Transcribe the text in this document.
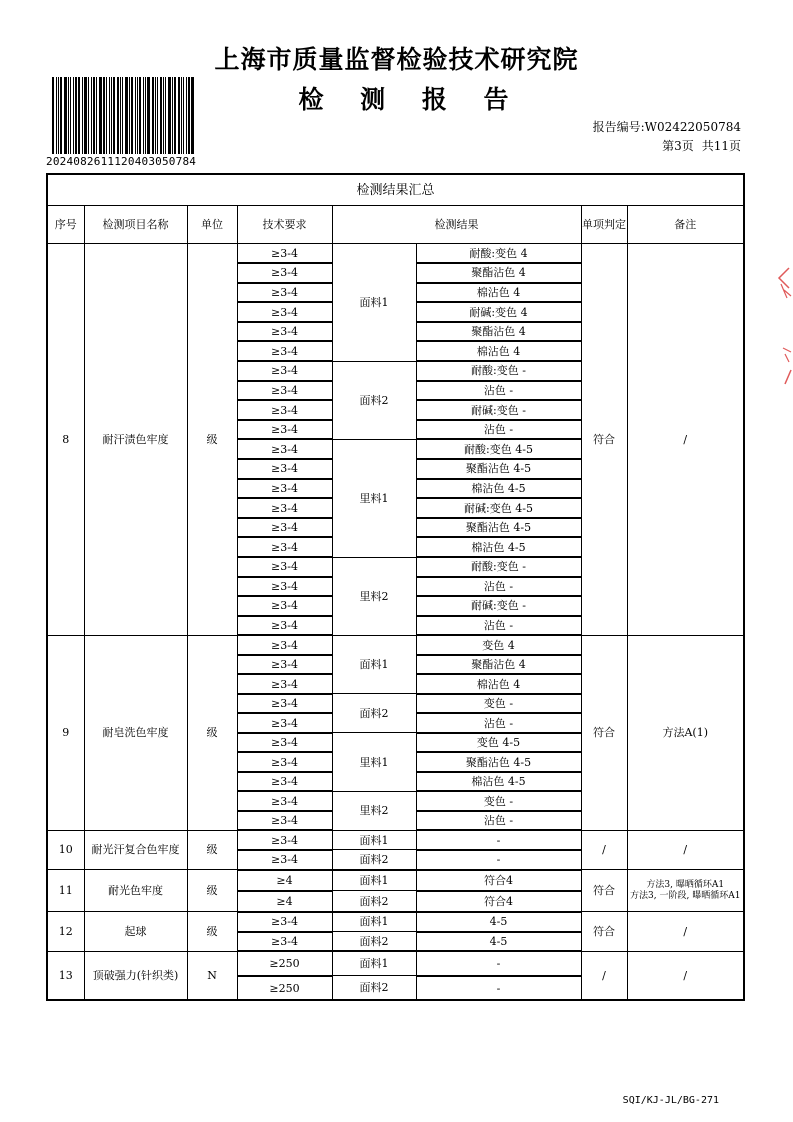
上海市质量监督检验技术研究院
检 测 报 告
202408261112040305078​4
报告编号:W02422050784
第3页 共11页
检测结果汇总							
序号	检测项目名称	单位	技术要求	检测结果		单项判定	备注
8	耐汗渍色牢度	级	≥3-4	面料1	耐酸:变色 4	符合	/

			≥3-4		聚酯沾色 4		
			≥3-4		棉沾色 4		
			≥3-4		耐碱:变色 4		
			≥3-4		聚酯沾色 4		
			≥3-4		棉沾色 4		
			≥3-4	面料2	耐酸:变色 -		
			≥3-4		沾色 -		
			≥3-4		耐碱:变色 -		
			≥3-4		沾色 -		
			≥3-4	里料1	耐酸:变色 4-5		
			≥3-4		聚酯沾色 4-5		
			≥3-4		棉沾色 4-5		
			≥3-4		耐碱:变色 4-5		
			≥3-4		聚酯沾色 4-5		
			≥3-4		棉沾色 4-5		
			≥3-4	里料2	耐酸:变色 -		
			≥3-4		沾色 -		
			≥3-4		耐碱:变色 -		
			≥3-4		沾色 -		
9	耐皂洗色牢度	级	≥3-4	面料1	变色 4	符合	方法A(1)

			≥3-4		聚酯沾色 4		
			≥3-4		棉沾色 4		
			≥3-4	面料2	变色 -		
			≥3-4		沾色 -		
			≥3-4	里料1	变色 4-5		
			≥3-4		聚酯沾色 4-5		
			≥3-4		棉沾色 4-5		
			≥3-4	里料2	变色 -		
			≥3-4		沾色 -		
10	耐光汗复合色牢度	级	≥3-4	面料1	-	/	/

			≥3-4	面料2	-		
11	耐光色牢度	级	≥4	面料1	符合4	符合	方法3, 曝晒循环A1
方法3, 一阶段, 曝晒循环A1

			≥4	面料2	符合4		
12	起球	级	≥3-4	面料1	4-5	符合	/

			≥3-4	面料2	4-5		
13	顶破强力(针织类)	N	≥250	面料1	-	/	/

			≥250	面料2	-		
SQI/KJ-JL/BG-271
